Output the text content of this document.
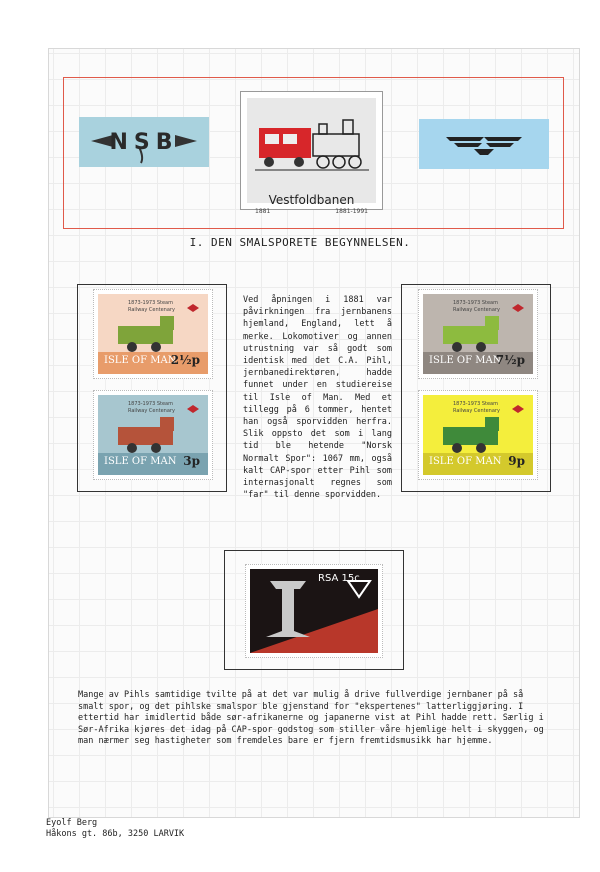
NSB
Vestfoldbanen
1881	1881-1991
I. DEN SMALSPORETE BEGYNNELSEN.
1873-1973 Steam Railway Centenary
ISLE OF MAN
2½p
1873-1973 Steam Railway Centenary
ISLE OF MAN 3p
Ved åpningen i 1881 var påvirkningen fra jernbanens hjemland, England, lett å merke. Lokomotiver og annen utrustning var så godt som identisk med det C.A. Pihl, jernbanedirektøren, hadde funnet under en studiereise til Isle of Man. Med et tillegg på 6 tommer, hentet han også sporvidden herfra. Slik oppsto det som i lang tid ble hetende "Norsk Normalt Spor": 1067 mm, også kalt CAP-spor etter Pihl som internasjonalt regnes som "far" til denne sporvidden.
1873-1973 Steam Railway Centenary
ISLE OF MAN
7½p
1873-1973 Steam Railway Centenary
ISLE OF MAN 9p
RSA 15c
Mange av Pihls samtidige tvilte på at det var mulig å drive fullverdige jernbaner på så smalt spor, og det pihlske smalspor ble gjenstand for "ekspertenes" latterliggjøring. I ettertid har imidlertid både sør-afrikanerne og japanerne vist at Pihl hadde rett. Særlig i Sør-Afrika kjøres det idag på CAP-spor godstog som stiller våre hjemlige helt i skyggen, og man nærmer seg hastigheter som fremdeles bare er fjern fremtidsmusikk har hjemme.
Eyolf Berg
Håkons gt. 86b, 3250 LARVIK
